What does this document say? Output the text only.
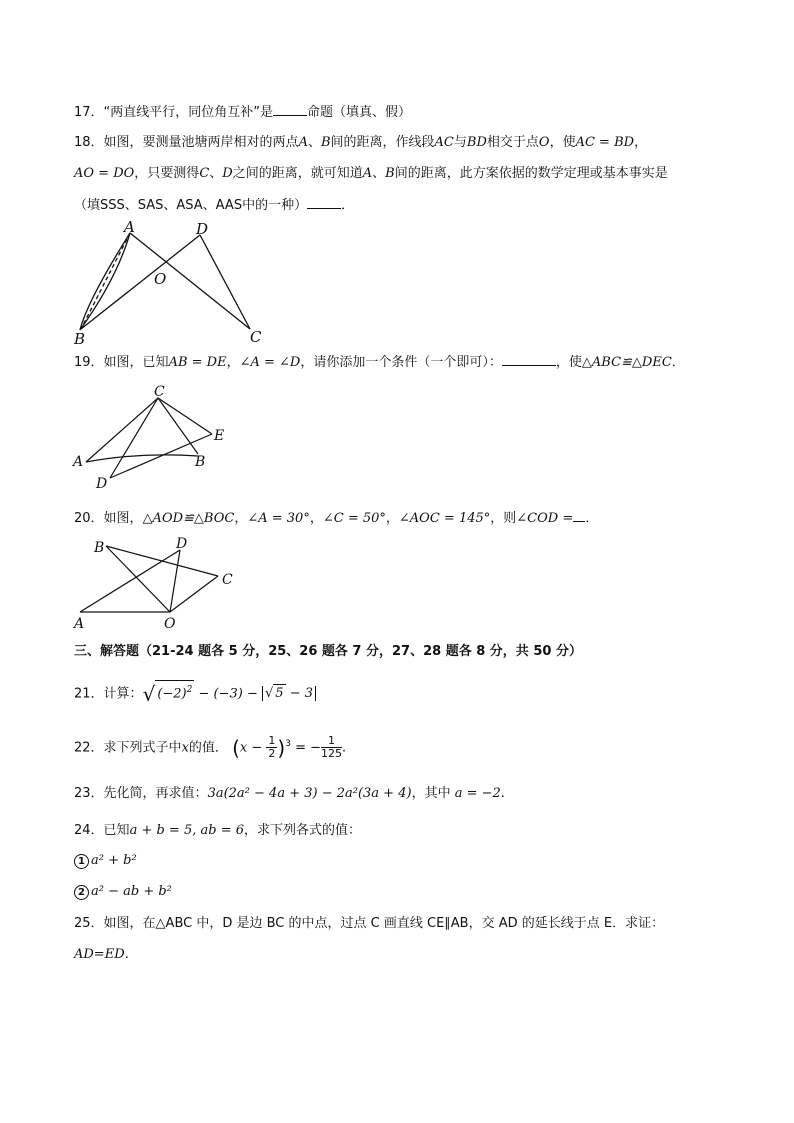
17．“两直线平行，同位角互补”是	命题（填真、假）
18．如图，要测量池塘两岸相对的两点A、B间的距离，作线段AC与BD相交于点O，使AC = BD，
AO = DO，只要测得C、D之间的距离，就可知道A、B间的距离，此方案依据的数学定理或基本事实是
（填SSS、SAS、ASA、AAS中的一种）	．
A	D
O
B	C
19．如图，已知AB = DE，∠A = ∠D，请你添加一个条件（一个即可）：	，使△ABC≌△DEC．
C
E
A	B
D
20．如图，△AOD≌△BOC，∠A = 30°，∠C = 50°，∠AOC = 145°，则∠COD = ．
B	D
C
A	O
三、解答题（21-24 题各 5 分，25、26 题各 7 分，27、28 题各 8 分，共 50 分）
21．计算：√ $(-2)^2 - (-3)$ − √ 5 − 3
22．求下列式子中x的值． $(x - \frac{1}{2} )^3$ = − $\frac{1}{125}$ .
23．先化简，再求值：3a(2a² − 4a + 3) − 2a²(3a + 4)，其中 a = −2.
24．已知a + b = 5, ab = 6，求下列各式的值：
1 a² + b²
2 a² − ab + b²
25．如图，在△ABC 中，D 是边 BC 的中点，过点 C 画直线 CE∥AB，交 AD 的延长线于点 E．求证：
AD=ED．
